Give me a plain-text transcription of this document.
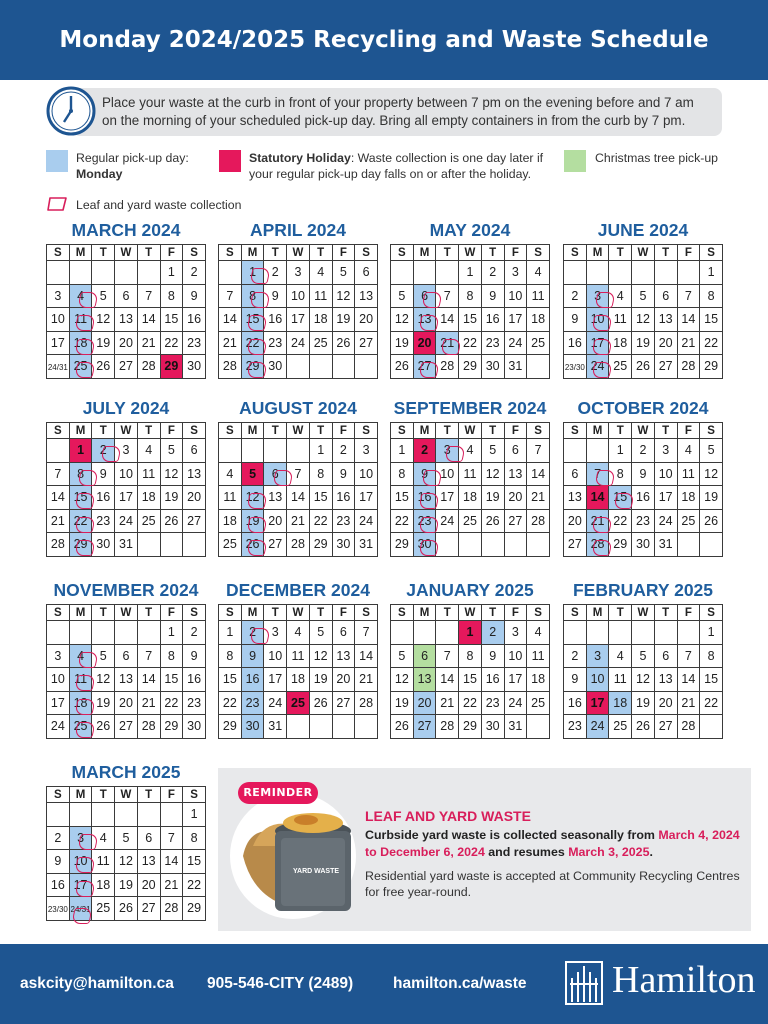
Monday 2024/2025 Recycling and Waste Schedule
Place your waste at the curb in front of your property between 7 pm on the evening before and 7 am on the morning of your scheduled pick-up day. Bring all empty containers in from the curb by 7 pm.
Regular pick-up day:
Monday
Statutory Holiday: Waste collection is one day later if your regular pick-up day falls on or after the holiday.
Christmas tree pick-up
Leaf and yard waste collection
MARCH 2024
S	M	T	W	T	F	S
					1	2
3	4	5	6	7	8	9
10	11	12	13	14	15	16
17	18	19	20	21	22	23
24/31	25	26	27	28	29	30
APRIL 2024
S	M	T	W	T	F	S
	1	2	3	4	5	6
7	8	9	10	11	12	13
14	15	16	17	18	19	20
21	22	23	24	25	26	27
28	29	30				
MAY 2024
S	M	T	W	T	F	S
			1	2	3	4
5	6	7	8	9	10	11
12	13	14	15	16	17	18
19	20	21	22	23	24	25
26	27	28	29	30	31	
JUNE 2024
S	M	T	W	T	F	S
						1
2	3	4	5	6	7	8
9	10	11	12	13	14	15
16	17	18	19	20	21	22
23/30	24	25	26	27	28	29
JULY 2024
S	M	T	W	T	F	S
	1	2	3	4	5	6
7	8	9	10	11	12	13
14	15	16	17	18	19	20
21	22	23	24	25	26	27
28	29	30	31			
AUGUST 2024
S	M	T	W	T	F	S
				1	2	3
4	5	6	7	8	9	10
11	12	13	14	15	16	17
18	19	20	21	22	23	24
25	26	27	28	29	30	31
SEPTEMBER 2024
S	M	T	W	T	F	S
1	2	3	4	5	6	7
8	9	10	11	12	13	14
15	16	17	18	19	20	21
22	23	24	25	26	27	28
29	30					
OCTOBER 2024
S	M	T	W	T	F	S
		1	2	3	4	5
6	7	8	9	10	11	12
13	14	15	16	17	18	19
20	21	22	23	24	25	26
27	28	29	30	31		
NOVEMBER 2024
S	M	T	W	T	F	S
					1	2
3	4	5	6	7	8	9
10	11	12	13	14	15	16
17	18	19	20	21	22	23
24	25	26	27	28	29	30
DECEMBER 2024
S	M	T	W	T	F	S
1	2	3	4	5	6	7
8	9	10	11	12	13	14
15	16	17	18	19	20	21
22	23	24	25	26	27	28
29	30	31				
JANUARY 2025
S	M	T	W	T	F	S
			1	2	3	4
5	6	7	8	9	10	11
12	13	14	15	16	17	18
19	20	21	22	23	24	25
26	27	28	29	30	31	
FEBRUARY 2025
S	M	T	W	T	F	S
						1
2	3	4	5	6	7	8
9	10	11	12	13	14	15
16	17	18	19	20	21	22
23	24	25	26	27	28	
MARCH 2025
S	M	T	W	T	F	S
						1
2	3	4	5	6	7	8
9	10	11	12	13	14	15
16	17	18	19	20	21	22
23/30	24/31	25	26	27	28	29
REMINDER
YARD WASTE
LEAF AND YARD WASTE
Curbside yard waste is collected seasonally from March 4, 2024 to December 6, 2024 and resumes March 3, 2025.
Residential yard waste is accepted at Community Recycling Centres for free year-round.
askcity@hamilton.ca 905-546-CITY (2489)	hamilton.ca/waste Hamilton
